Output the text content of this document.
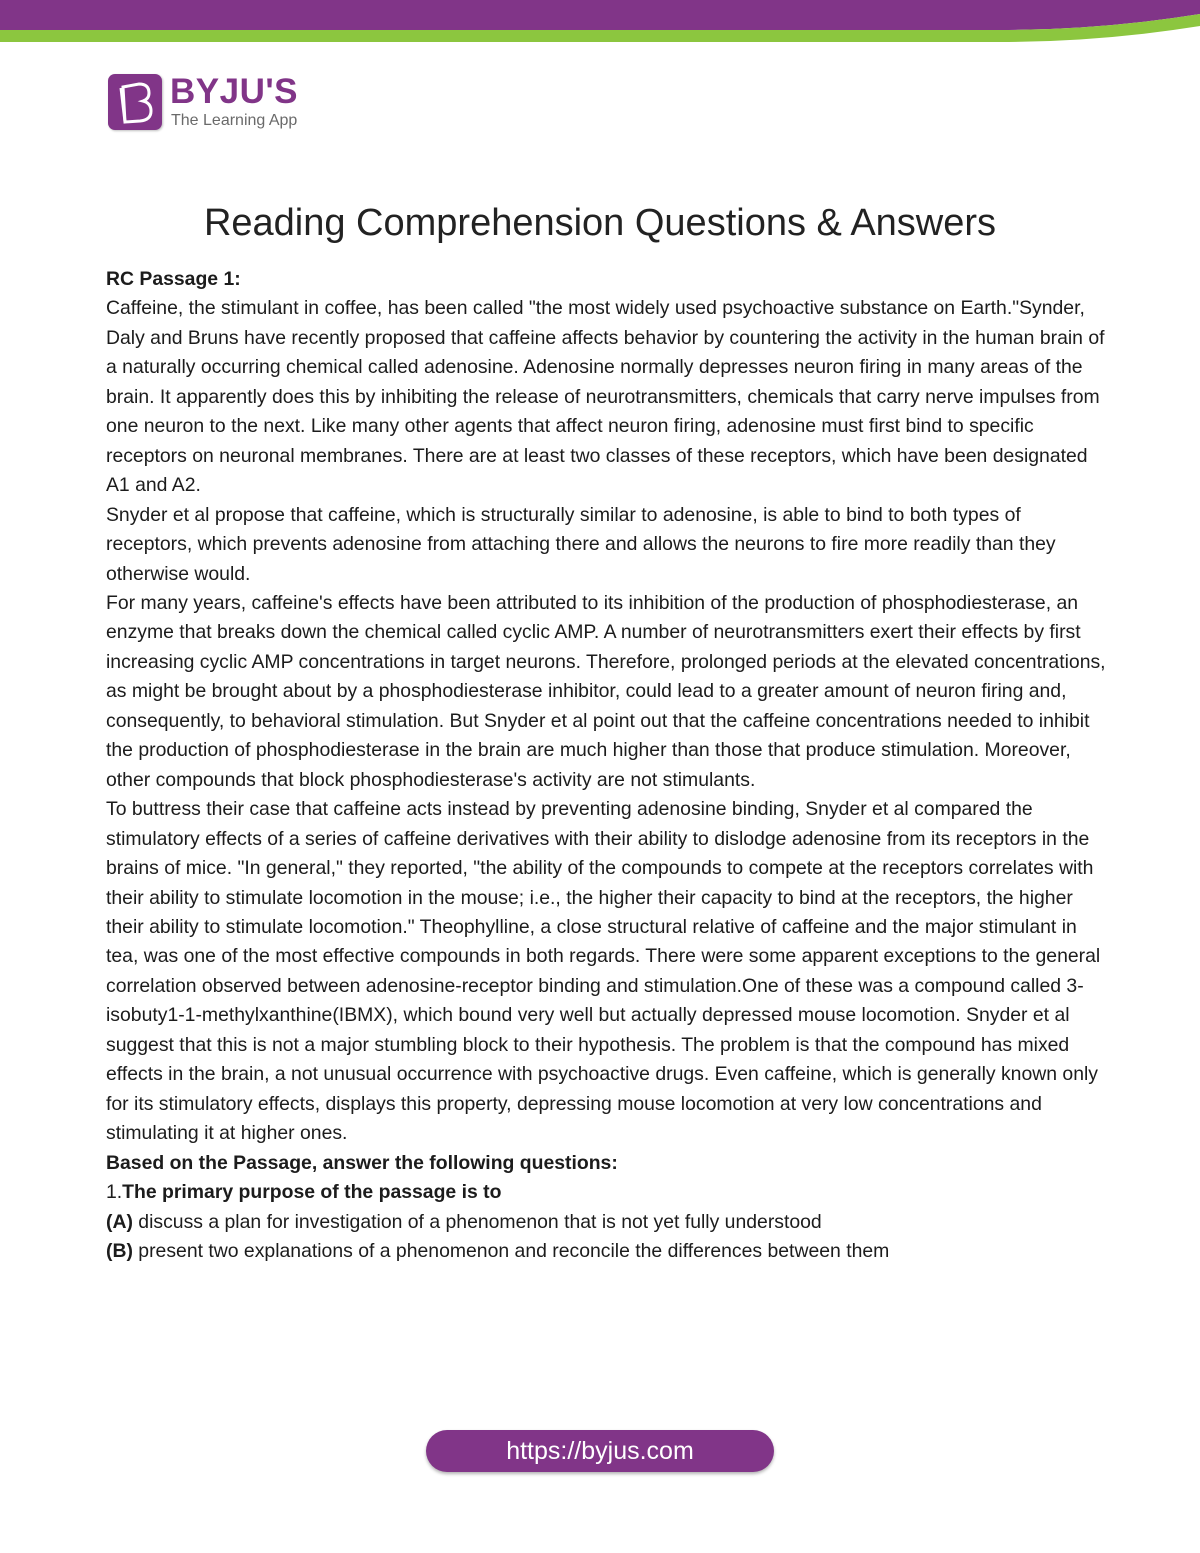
BYJU'S
The Learning App
Reading Comprehension Questions & Answers

RC Passage 1:

Caffeine, the stimulant in coffee, has been called "the most widely used psychoactive substance on Earth."Synder, Daly and Bruns have recently proposed that caffeine affects behavior by countering the activity in the human brain of a naturally occurring chemical called adenosine. Adenosine normally depresses neuron firing in many areas of the brain. It apparently does this by inhibiting the release of neurotransmitters, chemicals that carry nerve impulses from one neuron to the next. Like many other agents that affect neuron firing, adenosine must first bind to specific receptors on neuronal membranes. There are at least two classes of these receptors, which have been designated A1 and A2.

Snyder et al propose that caffeine, which is structurally similar to adenosine, is able to bind to both types of receptors, which prevents adenosine from attaching there and allows the neurons to fire more readily than they otherwise would.

For many years, caffeine's effects have been attributed to its inhibition of the production of phosphodiesterase, an enzyme that breaks down the chemical called cyclic AMP. A number of neurotransmitters exert their effects by first increasing cyclic AMP concentrations in target neurons. Therefore, prolonged periods at the elevated concentrations, as might be brought about by a phosphodiesterase inhibitor, could lead to a greater amount of neuron firing and, consequently, to behavioral stimulation. But Snyder et al point out that the caffeine concentrations needed to inhibit the production of phosphodiesterase in the brain are much higher than those that produce stimulation. Moreover, other compounds that block phosphodiesterase's activity are not stimulants.

To buttress their case that caffeine acts instead by preventing adenosine binding, Snyder et al compared the stimulatory effects of a series of caffeine derivatives with their ability to dislodge adenosine from its receptors in the brains of mice. "In general," they reported, "the ability of the compounds to compete at the receptors correlates with their ability to stimulate locomotion in the mouse; i.e., the higher their capacity to bind at the receptors, the higher their ability to stimulate locomotion." Theophylline, a close structural relative of caffeine and the major stimulant in tea, was one of the most effective compounds in both regards. There were some apparent exceptions to the general correlation observed between adenosine-receptor binding and stimulation.One of these was a compound called 3-isobuty1-1-methylxanthine(IBMX), which bound very well but actually depressed mouse locomotion. Snyder et al suggest that this is not a major stumbling block to their hypothesis. The problem is that the compound has mixed effects in the brain, a not unusual occurrence with psychoactive drugs. Even caffeine, which is generally known only for its stimulatory effects, displays this property, depressing mouse locomotion at very low concentrations and stimulating it at higher ones.

Based on the Passage, answer the following questions:

1.The primary purpose of the passage is to

(A) discuss a plan for investigation of a phenomenon that is not yet fully understood

(B) present two explanations of a phenomenon and reconcile the differences between them

https://byjus.com
